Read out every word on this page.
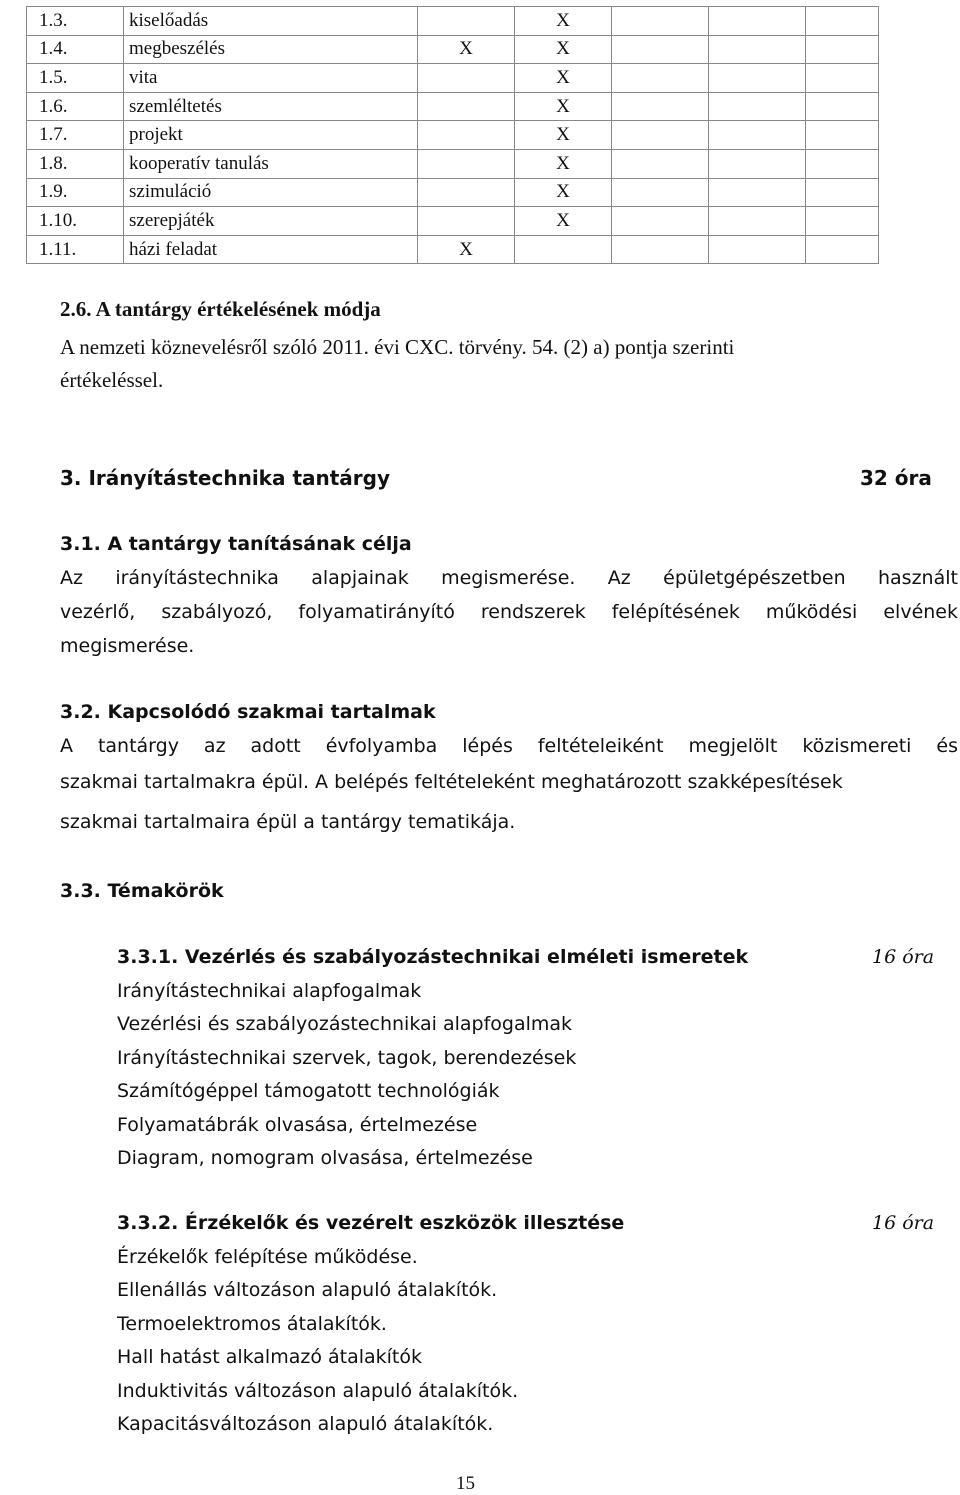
1.3.	kiselőadás		X			
1.4.	megbeszélés	X	X			
1.5.	vita		X			
1.6.	szemléltetés		X			
1.7.	projekt		X			
1.8.	kooperatív tanulás		X			
1.9.	szimuláció		X			
1.10.	szerepjáték		X			
1.11.	házi feladat	X				
2.6. A tantárgy értékelésének módja
A nemzeti köznevelésről szóló 2011. évi CXC. törvény. 54. (2) a) pontja szerinti
értékeléssel.
3. Irányítástechnika tantárgy	32 óra
3.1. A tantárgy tanításának célja
Az irányítástechnika alapjainak megismerése. Az épületgépészetben használt
vezérlő, szabályozó, folyamatirányító rendszerek felépítésének működési elvének
megismerése.
3.2. Kapcsolódó szakmai tartalmak
A tantárgy az adott évfolyamba lépés feltételeiként megjelölt közismereti és
szakmai tartalmakra épül. A belépés feltételeként meghatározott szakképesítések
szakmai tartalmaira épül a tantárgy tematikája.
3.3. Témakörök
3.3.1. Vezérlés és szabályozástechnikai elméleti ismeretek	16 óra
Irányítástechnikai alapfogalmak
Vezérlési és szabályozástechnikai alapfogalmak
Irányítástechnikai szervek, tagok, berendezések
Számítógéppel támogatott technológiák
Folyamatábrák olvasása, értelmezése
Diagram, nomogram olvasása, értelmezése
3.3.2. Érzékelők és vezérelt eszközök illesztése	16 óra
Érzékelők felépítése működése.
Ellenállás változáson alapuló átalakítók.
Termoelektromos átalakítók.
Hall hatást alkalmazó átalakítók
Induktivitás változáson alapuló átalakítók.
Kapacitásváltozáson alapuló átalakítók.
15
